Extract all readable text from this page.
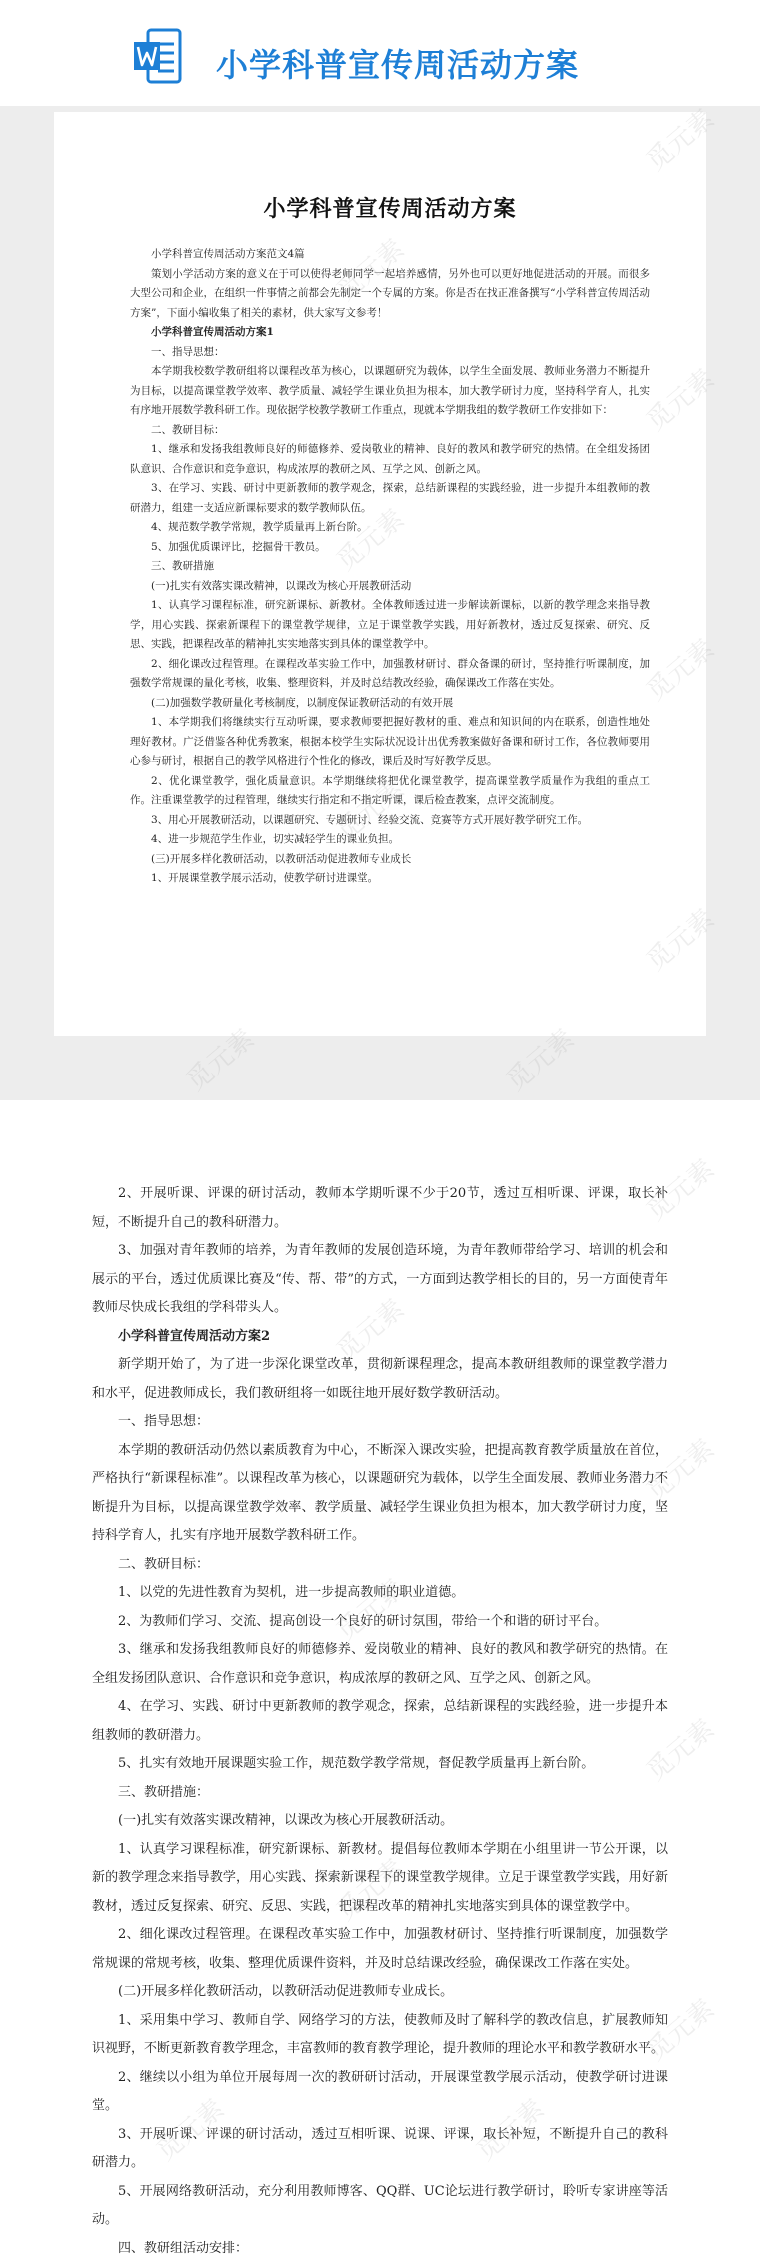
小学科普宣传周活动方案
小学科普宣传周活动方案

小学科普宣传周活动方案范文4篇

策划小学活动方案的意义在于可以使得老师同学一起培养感情，另外也可以更好地促进活动的开展。而很多大型公司和企业，在组织一件事情之前都会先制定一个专属的方案。你是否在找正准备撰写“小学科普宣传周活动方案”，下面小编收集了相关的素材，供大家写文参考！

小学科普宣传周活动方案1

一、指导思想：

本学期我校数学教研组将以课程改革为核心，以课题研究为载体，以学生全面发展、教师业务潜力不断提升为目标，以提高课堂教学效率、教学质量、减轻学生课业负担为根本，加大教学研讨力度，坚持科学育人，扎实有序地开展数学教科研工作。现依据学校教学教研工作重点，现就本学期我组的数学教研工作安排如下：

二、教研目标：

1、继承和发扬我组教师良好的师德修养、爱岗敬业的精神、良好的教风和教学研究的热情。在全组发扬团队意识、合作意识和竞争意识，构成浓厚的教研之风、互学之风、创新之风。

3、在学习、实践、研讨中更新教师的教学观念，探索，总结新课程的实践经验，进一步提升本组教师的教研潜力，组建一支适应新课标要求的数学教师队伍。

4、规范数学教学常规，教学质量再上新台阶。

5、加强优质课评比，挖掘骨干教员。

三、教研措施

(一)扎实有效落实课改精神，以课改为核心开展教研活动

1、认真学习课程标准，研究新课标、新教材。全体教师透过进一步解读新课标，以新的教学理念来指导教学，用心实践、探索新课程下的课堂教学规律，立足于课堂教学实践，用好新教材，透过反复探索、研究、反思、实践，把课程改革的精神扎实实地落实到具体的课堂教学中。

2、细化课改过程管理。在课程改革实验工作中，加强教材研讨、群众备课的研讨，坚持推行听课制度，加强数学常规课的量化考核，收集、整理资料，并及时总结教改经验，确保课改工作落在实处。

(二)加强数学教研量化考核制度，以制度保证教研活动的有效开展

1、本学期我们将继续实行互动听课，要求教师要把握好教材的重、难点和知识间的内在联系，创造性地处理好教材。广泛借鉴各种优秀教案，根据本校学生实际状况设计出优秀教案做好备课和研讨工作，各位教师要用心参与研讨，根据自己的教学风格进行个性化的修改，课后及时写好教学反思。

2、优化课堂教学，强化质量意识。本学期继续将把优化课堂教学，提高课堂教学质量作为我组的重点工作。注重课堂教学的过程管理，继续实行指定和不指定听课，课后检查教案，点评交流制度。

3、用心开展教研活动，以课题研究、专题研讨、经验交流、竞赛等方式开展好教学研究工作。

4、进一步规范学生作业，切实减轻学生的课业负担。

(三)开展多样化教研活动，以教研活动促进教师专业成长

1、开展课堂教学展示活动，使教学研讨进课堂。

2、开展听课、评课的研讨活动，教师本学期听课不少于20节，透过互相听课、评课，取长补短，不断提升自己的教科研潜力。

3、加强对青年教师的培养，为青年教师的发展创造环境，为青年教师带给学习、培训的机会和展示的平台，透过优质课比赛及“传、帮、带”的方式，一方面到达教学相长的目的，另一方面使青年教师尽快成长我组的学科带头人。

小学科普宣传周活动方案2

新学期开始了，为了进一步深化课堂改革，贯彻新课程理念，提高本教研组教师的课堂教学潜力和水平，促进教师成长，我们教研组将一如既往地开展好数学教研活动。

一、指导思想：

本学期的教研活动仍然以素质教育为中心，不断深入课改实验，把提高教育教学质量放在首位，严格执行“新课程标准”。以课程改革为核心，以课题研究为载体，以学生全面发展、教师业务潜力不断提升为目标，以提高课堂教学效率、教学质量、减轻学生课业负担为根本，加大教学研讨力度，坚持科学育人，扎实有序地开展数学教科研工作。

二、教研目标：

1、以党的先进性教育为契机，进一步提高教师的职业道德。

2、为教师们学习、交流、提高创设一个良好的研讨氛围，带给一个和谐的研讨平台。

3、继承和发扬我组教师良好的师德修养、爱岗敬业的精神、良好的教风和教学研究的热情。在全组发扬团队意识、合作意识和竞争意识，构成浓厚的教研之风、互学之风、创新之风。

4、在学习、实践、研讨中更新教师的教学观念，探索，总结新课程的实践经验，进一步提升本组教师的教研潜力。

5、扎实有效地开展课题实验工作，规范数学教学常规，督促教学质量再上新台阶。

三、教研措施：

(一)扎实有效落实课改精神，以课改为核心开展教研活动。

1、认真学习课程标准，研究新课标、新教材。提倡每位教师本学期在小组里讲一节公开课，以新的教学理念来指导教学，用心实践、探索新课程下的课堂教学规律。立足于课堂教学实践，用好新教材，透过反复探索、研究、反思、实践，把课程改革的精神扎实地落实到具体的课堂教学中。

2、细化课改过程管理。在课程改革实验工作中，加强教材研讨、坚持推行听课制度，加强数学常规课的常规考核，收集、整理优质课件资料，并及时总结课改经验，确保课改工作落在实处。

(二)开展多样化教研活动，以教研活动促进教师专业成长。

1、采用集中学习、教师自学、网络学习的方法，使教师及时了解科学的教改信息，扩展教师知识视野，不断更新教育教学理念，丰富教师的教育教学理论，提升教师的理论水平和教学教研水平。

2、继续以小组为单位开展每周一次的教研研讨活动，开展课堂教学展示活动，使教学研讨进课堂。

3、开展听课、评课的研讨活动，透过互相听课、说课、评课，取长补短，不断提升自己的教科研潜力。

5、开展网络教研活动，充分利用教师博客、QQ群、UC论坛进行教学研讨，聆听专家讲座等活动。

四、教研组活动安排：
